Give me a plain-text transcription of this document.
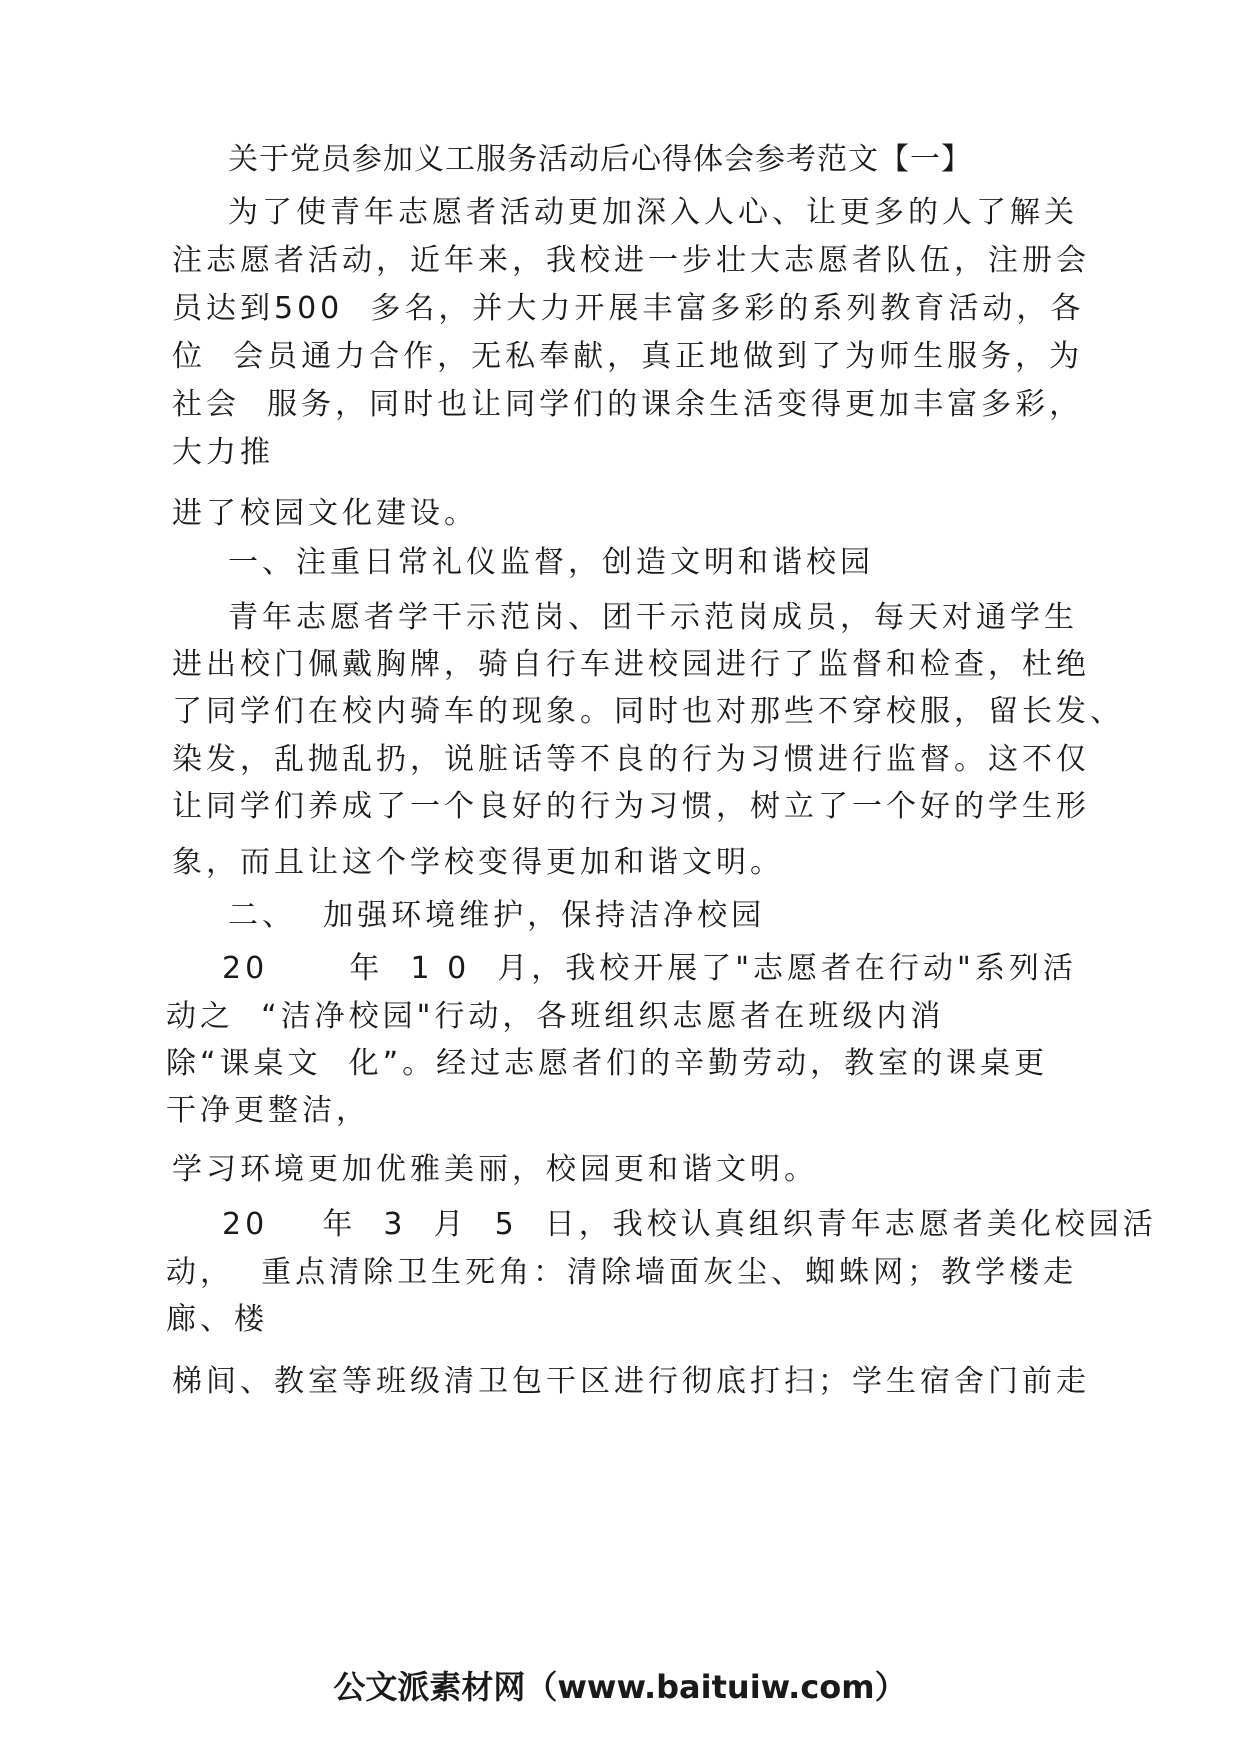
关于党员参加义工服务活动后心得体会参考范文【一】
为了使青年志愿者活动更加深入人心、让更多的人了解关
注志愿者活动，近年来，我校进一步壮大志愿者队伍，注册会
员达到500  多名，并大力开展丰富多彩的系列教育活动，各
位  会员通力合作，无私奉献，真正地做到了为师生服务，为
社会  服务，同时也让同学们的课余生活变得更加丰富多彩，
大力推
进了校园文化建设。
一、注重日常礼仪监督，创造文明和谐校园
青年志愿者学干示范岗、团干示范岗成员，每天对通学生
进出校门佩戴胸牌，骑自行车进校园进行了监督和检查，杜绝
了同学们在校内骑车的现象。同时也对那些不穿校服，留长发、
染发，乱抛乱扔，说脏话等不良的行为习惯进行监督。这不仅
让同学们养成了一个良好的行为习惯，树立了一个好的学生形
象，而且让这个学校变得更加和谐文明。
二、  加强环境维护，保持洁净校园
20      年  1 0  月，我校开展了"志愿者在行动"系列活
动之  “洁净校园"行动，各班组织志愿者在班级内消
除“课桌文  化”。经过志愿者们的辛勤劳动，教室的课桌更
干净更整洁，
学习环境更加优雅美丽，校园更和谐文明。
20    年  3  月  5  日，我校认真组织青年志愿者美化校园活
动，  重点清除卫生死角：清除墙面灰尘、蜘蛛网；教学楼走
廊、楼
梯间、教室等班级清卫包干区进行彻底打扫；学生宿舍门前走
公文派素材网（www.baituiw.com）
